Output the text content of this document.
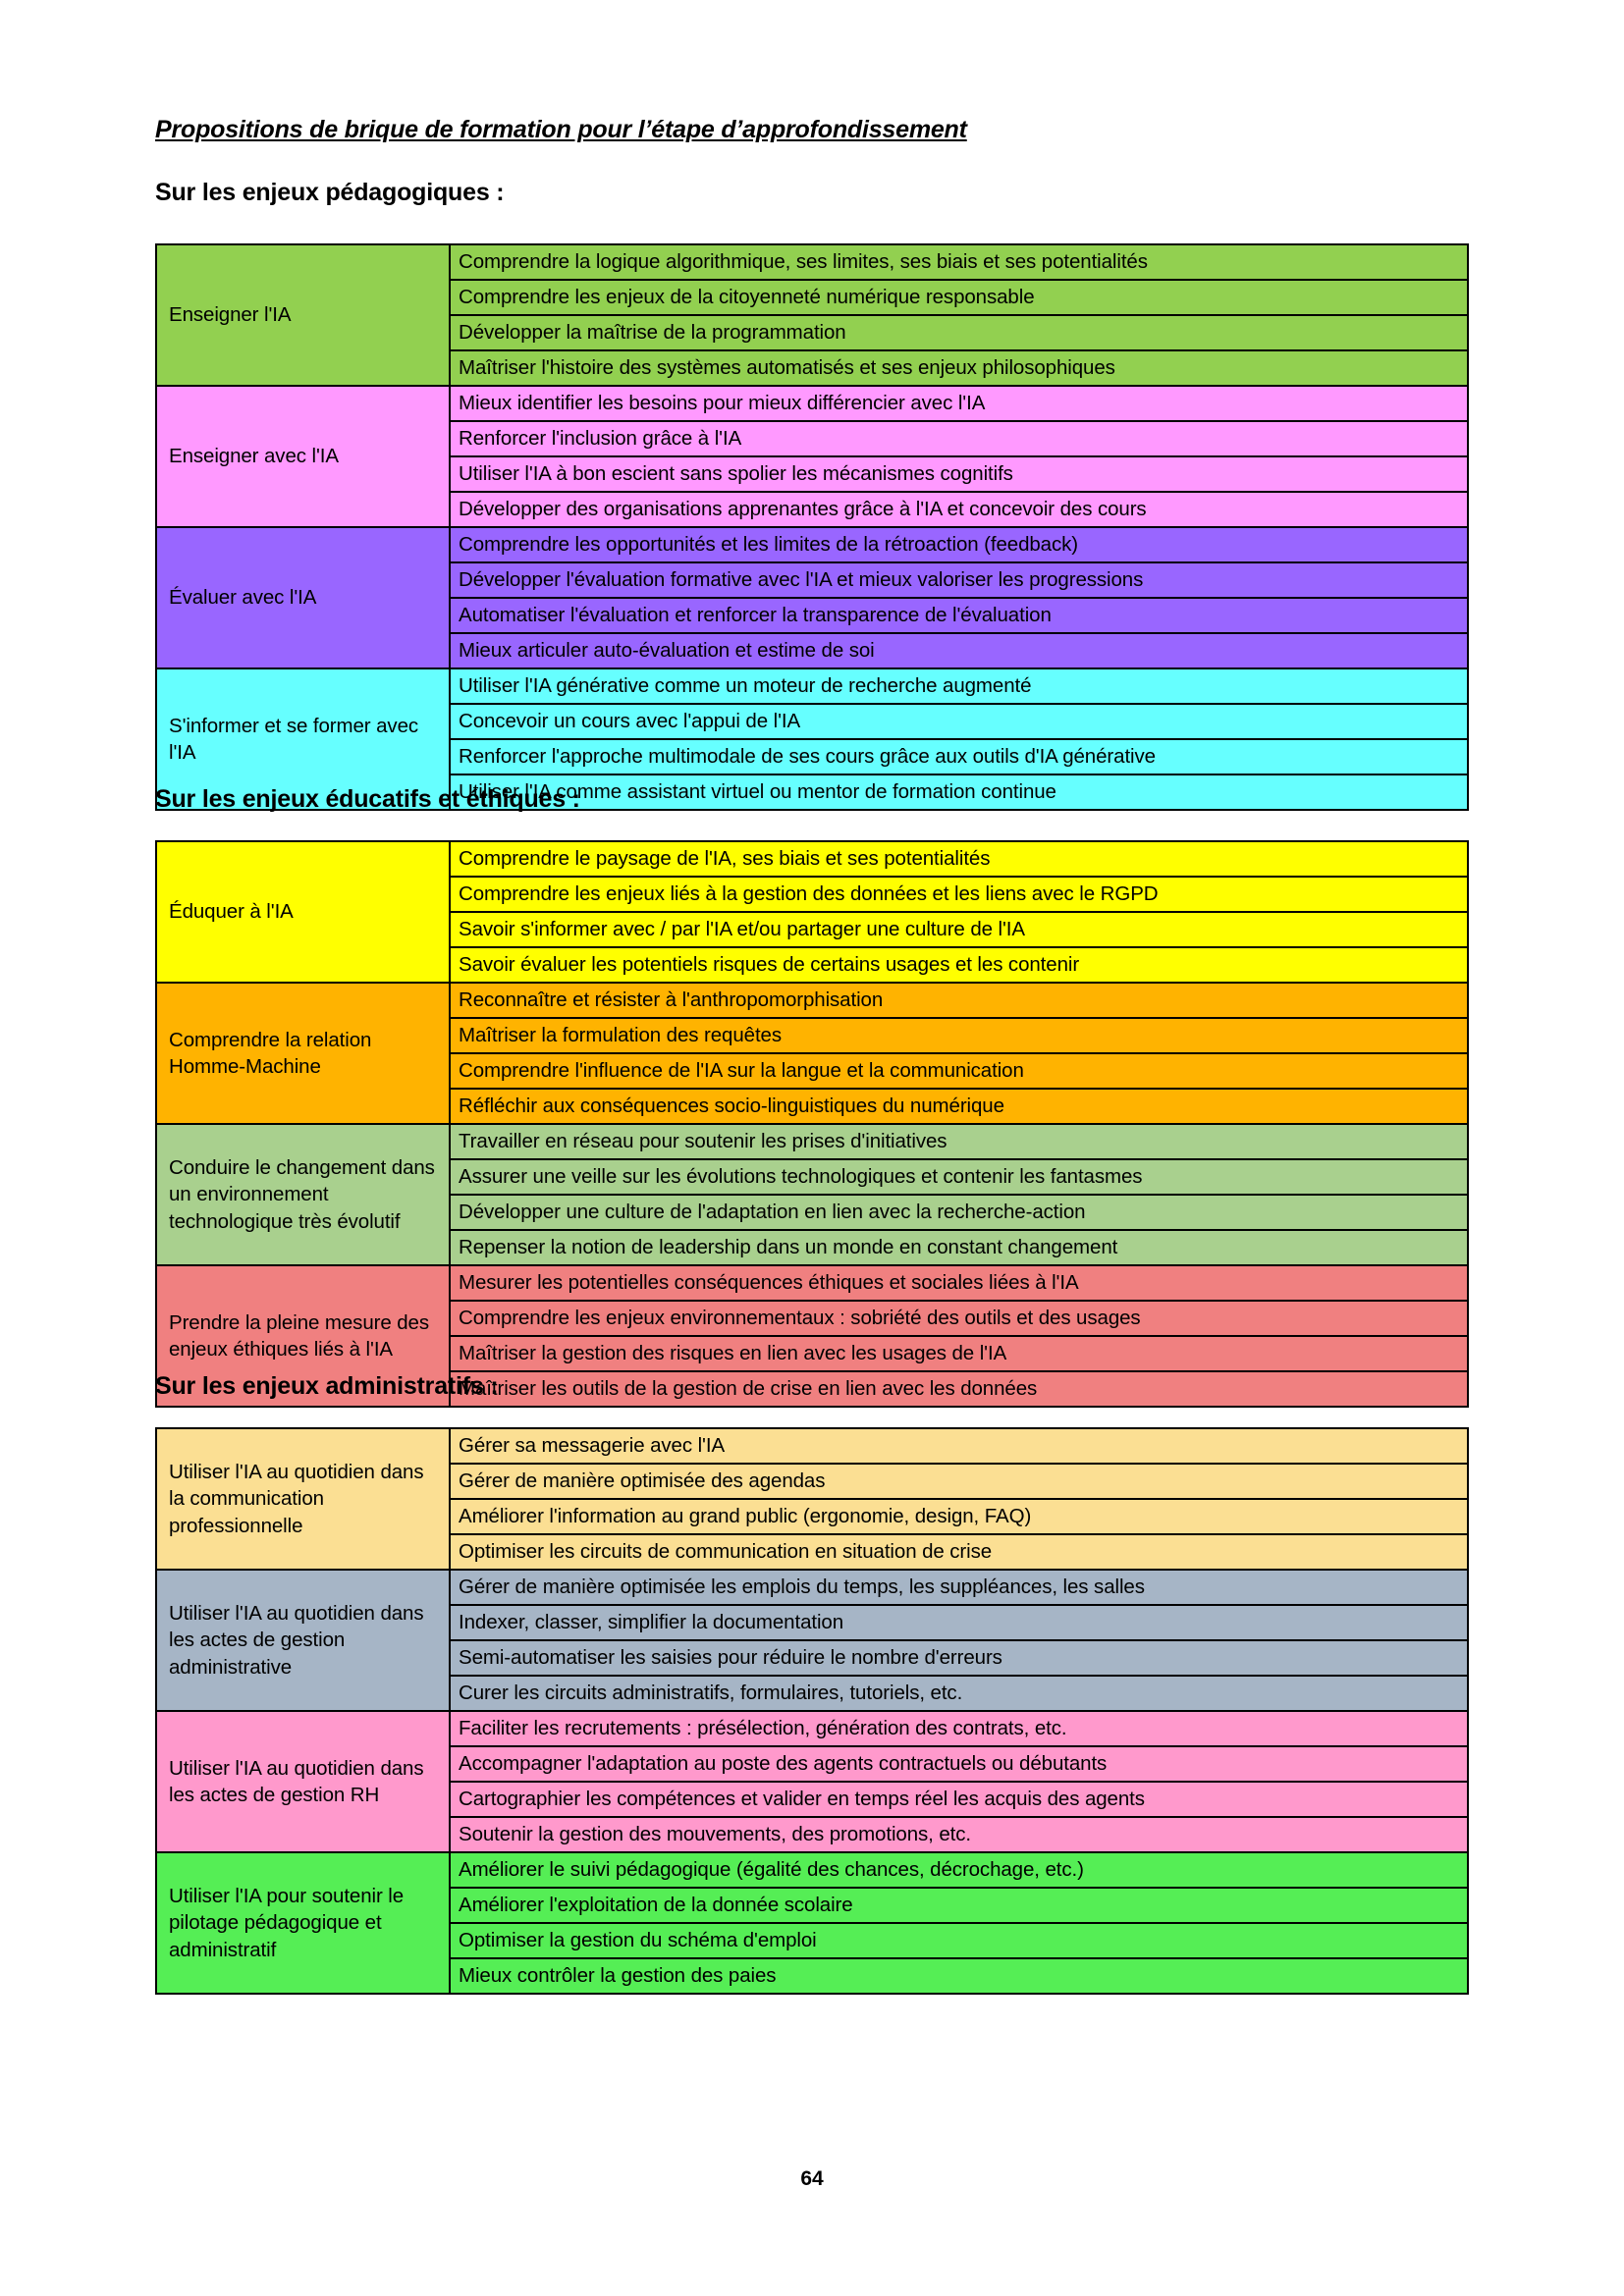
Propositions de brique de formation pour l’étape d’approfondissement
Sur les enjeux pédagogiques :
Enseigner l'IA	Comprendre la logique algorithmique, ses limites, ses biais et ses potentialités
	Comprendre les enjeux de la citoyenneté numérique responsable
	Développer la maîtrise de la programmation
	Maîtriser l'histoire des systèmes automatisés et ses enjeux philosophiques
Enseigner avec l'IA	Mieux identifier les besoins pour mieux différencier avec l'IA
	Renforcer l'inclusion grâce à l'IA
	Utiliser l'IA à bon escient sans spolier les mécanismes cognitifs
	Développer des organisations apprenantes grâce à l'IA et concevoir des cours
Évaluer avec l'IA	Comprendre les opportunités et les limites de la rétroaction (feedback)
	Développer l'évaluation formative avec l'IA et mieux valoriser les progressions
	Automatiser l'évaluation et renforcer la transparence de l'évaluation
	Mieux articuler auto-évaluation et estime de soi
S'informer et se former avec l'IA	Utiliser l'IA générative comme un moteur de recherche augmenté
	Concevoir un cours avec l'appui de l'IA
	Renforcer l'approche multimodale de ses cours grâce aux outils d'IA générative
	Utiliser l'IA comme assistant virtuel ou mentor de formation continue
Sur les enjeux éducatifs et éthiques :
Éduquer à l'IA	Comprendre le paysage de l'IA, ses biais et ses potentialités
	Comprendre les enjeux liés à la gestion des données et les liens avec le RGPD
	Savoir s'informer avec / par l'IA et/ou partager une culture de l'IA
	Savoir évaluer les potentiels risques de certains usages et les contenir
Comprendre la relation Homme-Machine	Reconnaître et résister à l'anthropomorphisation
	Maîtriser la formulation des requêtes
	Comprendre l'influence de l'IA sur la langue et la communication
	Réfléchir aux conséquences socio-linguistiques du numérique
Conduire le changement dans un environnement technologique très évolutif	Travailler en réseau pour soutenir les prises d'initiatives
	Assurer une veille sur les évolutions technologiques et contenir les fantasmes
	Développer une culture de l'adaptation en lien avec la recherche-action
	Repenser la notion de leadership dans un monde en constant changement
Prendre la pleine mesure des enjeux éthiques liés à l'IA	Mesurer les potentielles conséquences éthiques et sociales liées à l'IA
	Comprendre les enjeux environnementaux : sobriété des outils et des usages
	Maîtriser la gestion des risques en lien avec les usages de l'IA
	Maîtriser les outils de la gestion de crise en lien avec les données
Sur les enjeux administratifs :
Utiliser l'IA au quotidien dans la communication professionnelle	Gérer sa messagerie avec l'IA
	Gérer de manière optimisée des agendas
	Améliorer l'information au grand public (ergonomie, design, FAQ)
	Optimiser les circuits de communication en situation de crise
Utiliser l'IA au quotidien dans les actes de gestion administrative	Gérer de manière optimisée les emplois du temps, les suppléances, les salles
	Indexer, classer, simplifier la documentation
	Semi-automatiser les saisies pour réduire le nombre d'erreurs
	Curer les circuits administratifs, formulaires, tutoriels, etc.
Utiliser l'IA au quotidien dans les actes de gestion RH	Faciliter les recrutements : présélection, génération des contrats, etc.
	Accompagner l'adaptation au poste des agents contractuels ou débutants
	Cartographier les compétences et valider en temps réel les acquis des agents
	Soutenir la gestion des mouvements, des promotions, etc.
Utiliser l'IA pour soutenir le pilotage pédagogique et administratif	Améliorer le suivi pédagogique (égalité des chances, décrochage, etc.)
	Améliorer l'exploitation de la donnée scolaire
	Optimiser la gestion du schéma d'emploi
	Mieux contrôler la gestion des paies
64
